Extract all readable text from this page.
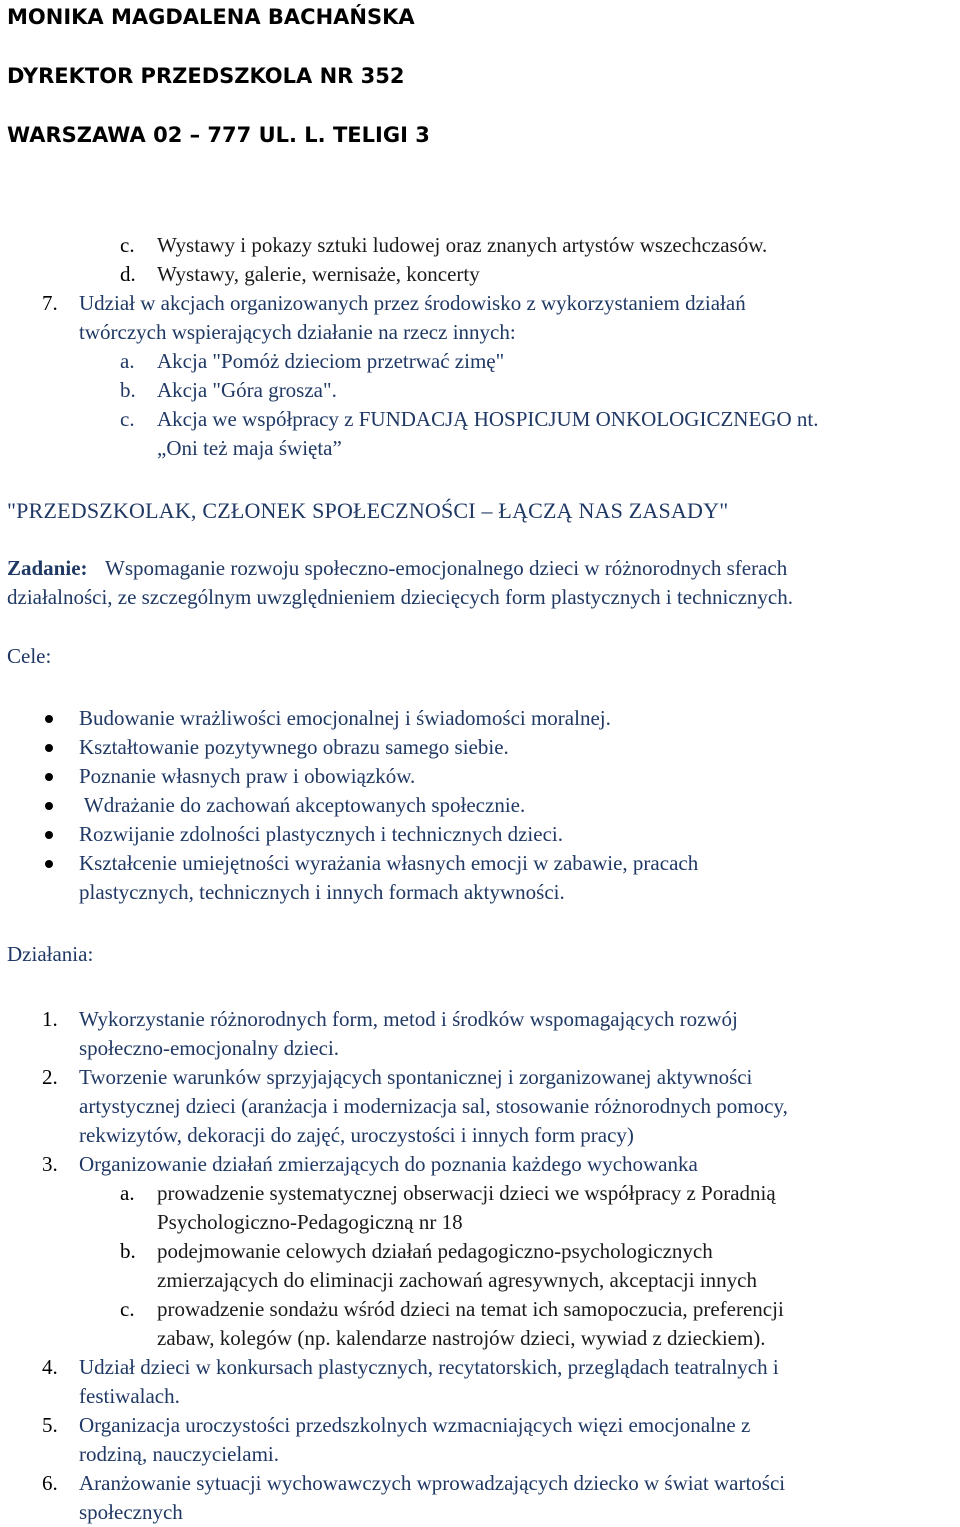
MONIKA MAGDALENA BACHAŃSKA
DYREKTOR PRZEDSZKOLA NR 352
WARSZAWA 02 – 777 UL. L. TELIGI 3
c. Wystawy i pokazy sztuki ludowej oraz znanych artystów wszechczasów.
d. Wystawy, galerie, wernisaże, koncerty
7. Udział w akcjach organizowanych przez środowisko z wykorzystaniem działań
twórczych wspierających działanie na rzecz innych:
a. Akcja "Pomóż dzieciom przetrwać zimę"
b. Akcja "Góra grosza".
c. Akcja we współpracy z FUNDACJĄ HOSPICJUM ONKOLOGICZNEGO nt.
„Oni też maja święta”
"PRZEDSZKOLAK, CZŁONEK SPOŁECZNOŚCI – ŁĄCZĄ NAS ZASADY"
Zadanie: Wspomaganie rozwoju społeczno-emocjonalnego dzieci w różnorodnych sferach
działalności, ze szczególnym uwzględnieniem dziecięcych form plastycznych i technicznych.
Cele:
Budowanie wrażliwości emocjonalnej i świadomości moralnej.
Kształtowanie pozytywnego obrazu samego siebie.
Poznanie własnych praw i obowiązków.
Wdrażanie do zachowań akceptowanych społecznie.
Rozwijanie zdolności plastycznych i technicznych dzieci.
Kształcenie umiejętności wyrażania własnych emocji w zabawie, pracach
plastycznych, technicznych i innych formach aktywności.
Działania:
1. Wykorzystanie różnorodnych form, metod i środków wspomagających rozwój
społeczno-emocjonalny dzieci.
2. Tworzenie warunków sprzyjających spontanicznej i zorganizowanej aktywności
artystycznej dzieci (aranżacja i modernizacja sal, stosowanie różnorodnych pomocy,
rekwizytów, dekoracji do zajęć, uroczystości i innych form pracy)
3. Organizowanie działań zmierzających do poznania każdego wychowanka
a. prowadzenie systematycznej obserwacji dzieci we współpracy z Poradnią
Psychologiczno-Pedagogiczną nr 18
b. podejmowanie celowych działań pedagogiczno-psychologicznych
zmierzających do eliminacji zachowań agresywnych, akceptacji innych
c. prowadzenie sondażu wśród dzieci na temat ich samopoczucia, preferencji
zabaw, kolegów (np. kalendarze nastrojów dzieci, wywiad z dzieckiem).
4. Udział dzieci w konkursach plastycznych, recytatorskich, przeglądach teatralnych i
festiwalach.
5. Organizacja uroczystości przedszkolnych wzmacniających więzi emocjonalne z
rodziną, nauczycielami.
6. Aranżowanie sytuacji wychowawczych wprowadzających dziecko w świat wartości
społecznych
